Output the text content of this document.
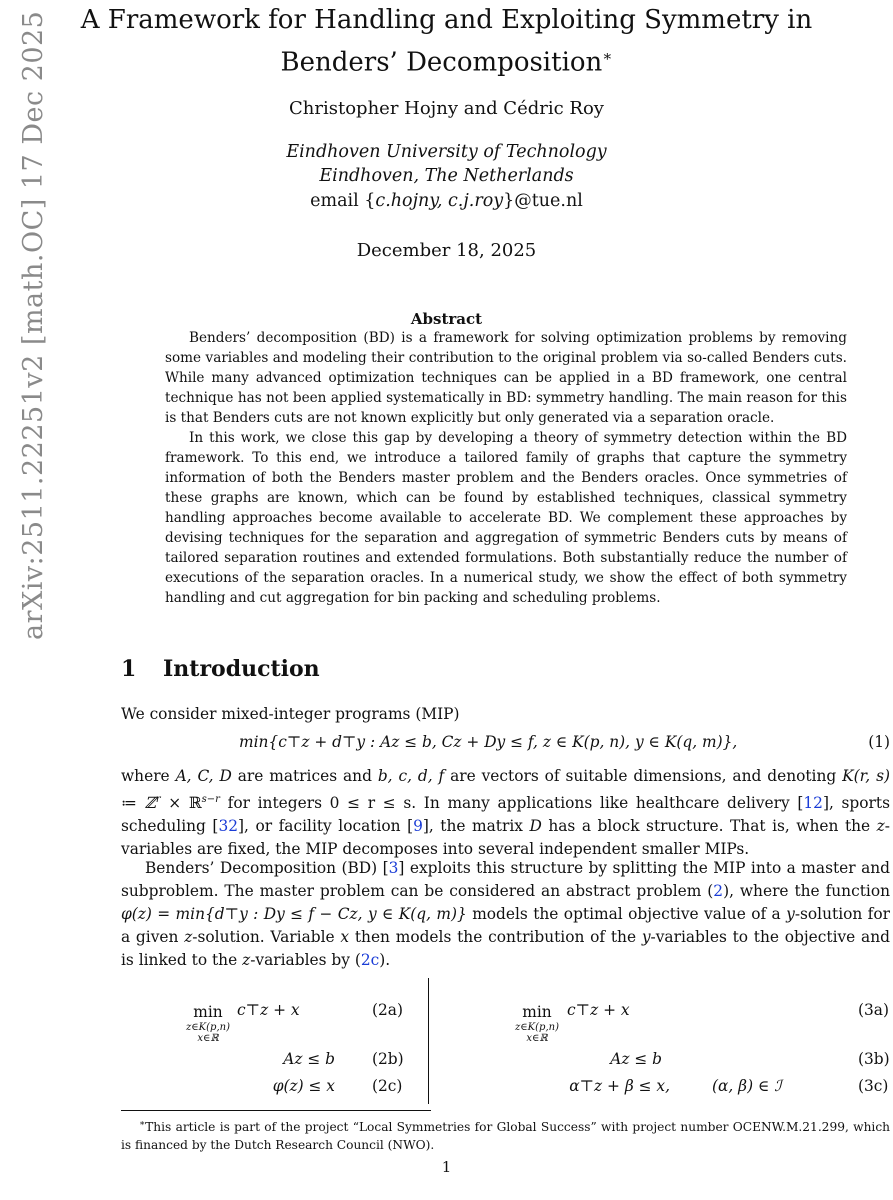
arXiv:2511.22251v2 [math.OC] 17 Dec 2025	A Framework for Handling and Exploiting Symmetry in
Benders’ Decomposition∗
Christopher Hojny and Cédric Roy
Eindhoven University of Technology
Eindhoven, The Netherlands
email {c.hojny, c.j.roy}@tue.nl
December 18, 2025
Abstract

Benders’ decomposition (BD) is a framework for solving optimization problems by removing some variables and modeling their contribution to the original problem via so-called Benders cuts. While many advanced optimization techniques can be applied in a BD framework, one central technique has not been applied systematically in BD: symmetry handling. The main reason for this is that Benders cuts are not known explicitly but only generated via a separation oracle.

In this work, we close this gap by developing a theory of symmetry detection within the BD framework. To this end, we introduce a tailored family of graphs that capture the symmetry information of both the Benders master problem and the Benders oracles. Once symmetries of these graphs are known, which can be found by established techniques, classical symmetry handling approaches become available to accelerate BD. We complement these approaches by devising techniques for the separation and aggregation of symmetric Benders cuts by means of tailored separation routines and extended formulations. Both substantially reduce the number of executions of the separation oracles. In a numerical study, we show the effect of both symmetry handling and cut aggregation for bin packing and scheduling problems.

1 Introduction
We consider mixed-integer programs (MIP)
min{c⊤z + d⊤y : Az ≤ b, Cz + Dy ≤ f, z ∈ K(p, n), y ∈ K(q, m)},	(1)

where A, C, D are matrices and b, c, d, f are vectors of suitable dimensions, and denoting K(r, s) ≔ ℤ$^r$ × ℝ$^{s-r}$ for integers 0 ≤ r ≤ s. In many applications like healthcare delivery [12], sports scheduling [32], or facility location [9], the matrix D has a block structure. That is, when the z-variables are fixed, the MIP decomposes into several independent smaller MIPs.

Benders’ Decomposition (BD) [3] exploits this structure by splitting the MIP into a master and subproblem. The master problem can be considered an abstract problem (2), where the function φ(z) = min{d⊤y : Dy ≤ f − Cz, y ∈ K(q, m)} models the optimal objective value of a y-solution for a given z-solution. Variable x then models the contribution of the y-variables to the objective and is linked to the z-variables by (2c).

min
z∈K(p,n)
x∈ℝ
c⊤z + x	(2a)
Az ≤ b (2b)
φ(z) ≤ x (2c)
min
z∈K(p,n)
x∈ℝ
c⊤z + x	(3a)
Az ≤ b	(3b)
α⊤z + β ≤ x,	(α, β) ∈ ℐ	(3c)

∗This article is part of the project “Local Symmetries for Global Success” with project number OCENW.M.21.299, which is financed by the Dutch Research Council (NWO).

1
